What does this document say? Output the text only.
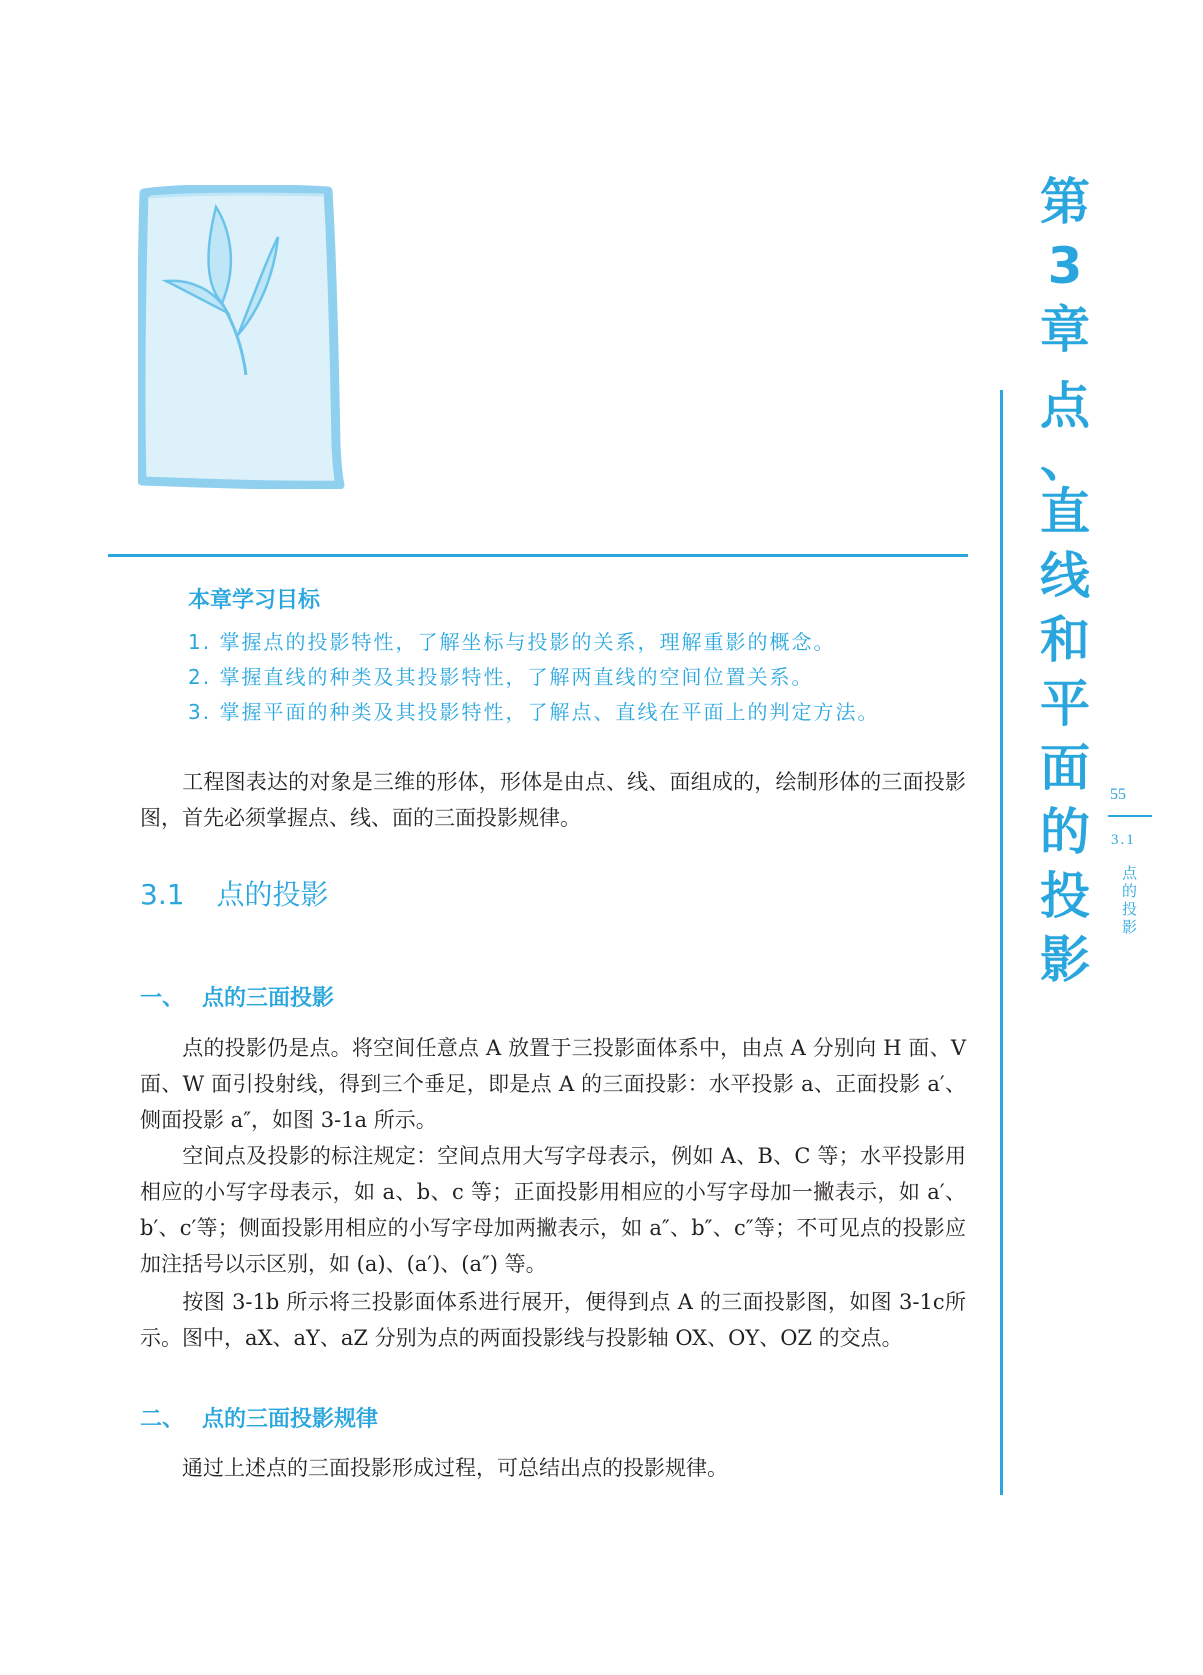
第
3
章
点
、
直
线
和
平
面
的
投
影
55
3.1
点的投影
本章学习目标
1. 掌握点的投影特性，了解坐标与投影的关系，理解重影的概念。
2. 掌握直线的种类及其投影特性，了解两直线的空间位置关系。
3. 掌握平面的种类及其投影特性，了解点、直线在平面上的判定方法。
工程图表达的对象是三维的形体，形体是由点、线、面组成的，绘制形体的三面投影图，首先必须掌握点、线、面的三面投影规律。
3.1 点的投影
一、 点的三面投影
点的投影仍是点。将空间任意点 A 放置于三投影面体系中，由点 A 分别向 H 面、V 面、W 面引投射线，得到三个垂足，即是点 A 的三面投影：水平投影 a、正面投影 a′、侧面投影 a″，如图 3-1a 所示。
空间点及投影的标注规定：空间点用大写字母表示，例如 A、B、C 等；水平投影用相应的小写字母表示，如 a、b、c 等；正面投影用相应的小写字母加一撇表示，如 a′、b′、c′等；侧面投影用相应的小写字母加两撇表示，如 a″、b″、c″等；不可见点的投影应加注括号以示区别，如 (a)、(a′)、(a″) 等。
按图 3-1b 所示将三投影面体系进行展开，便得到点 A 的三面投影图，如图 3-1c所示。图中，aX、aY、aZ 分别为点的两面投影线与投影轴 OX、OY、OZ 的交点。
二、 点的三面投影规律
通过上述点的三面投影形成过程，可总结出点的投影规律。
